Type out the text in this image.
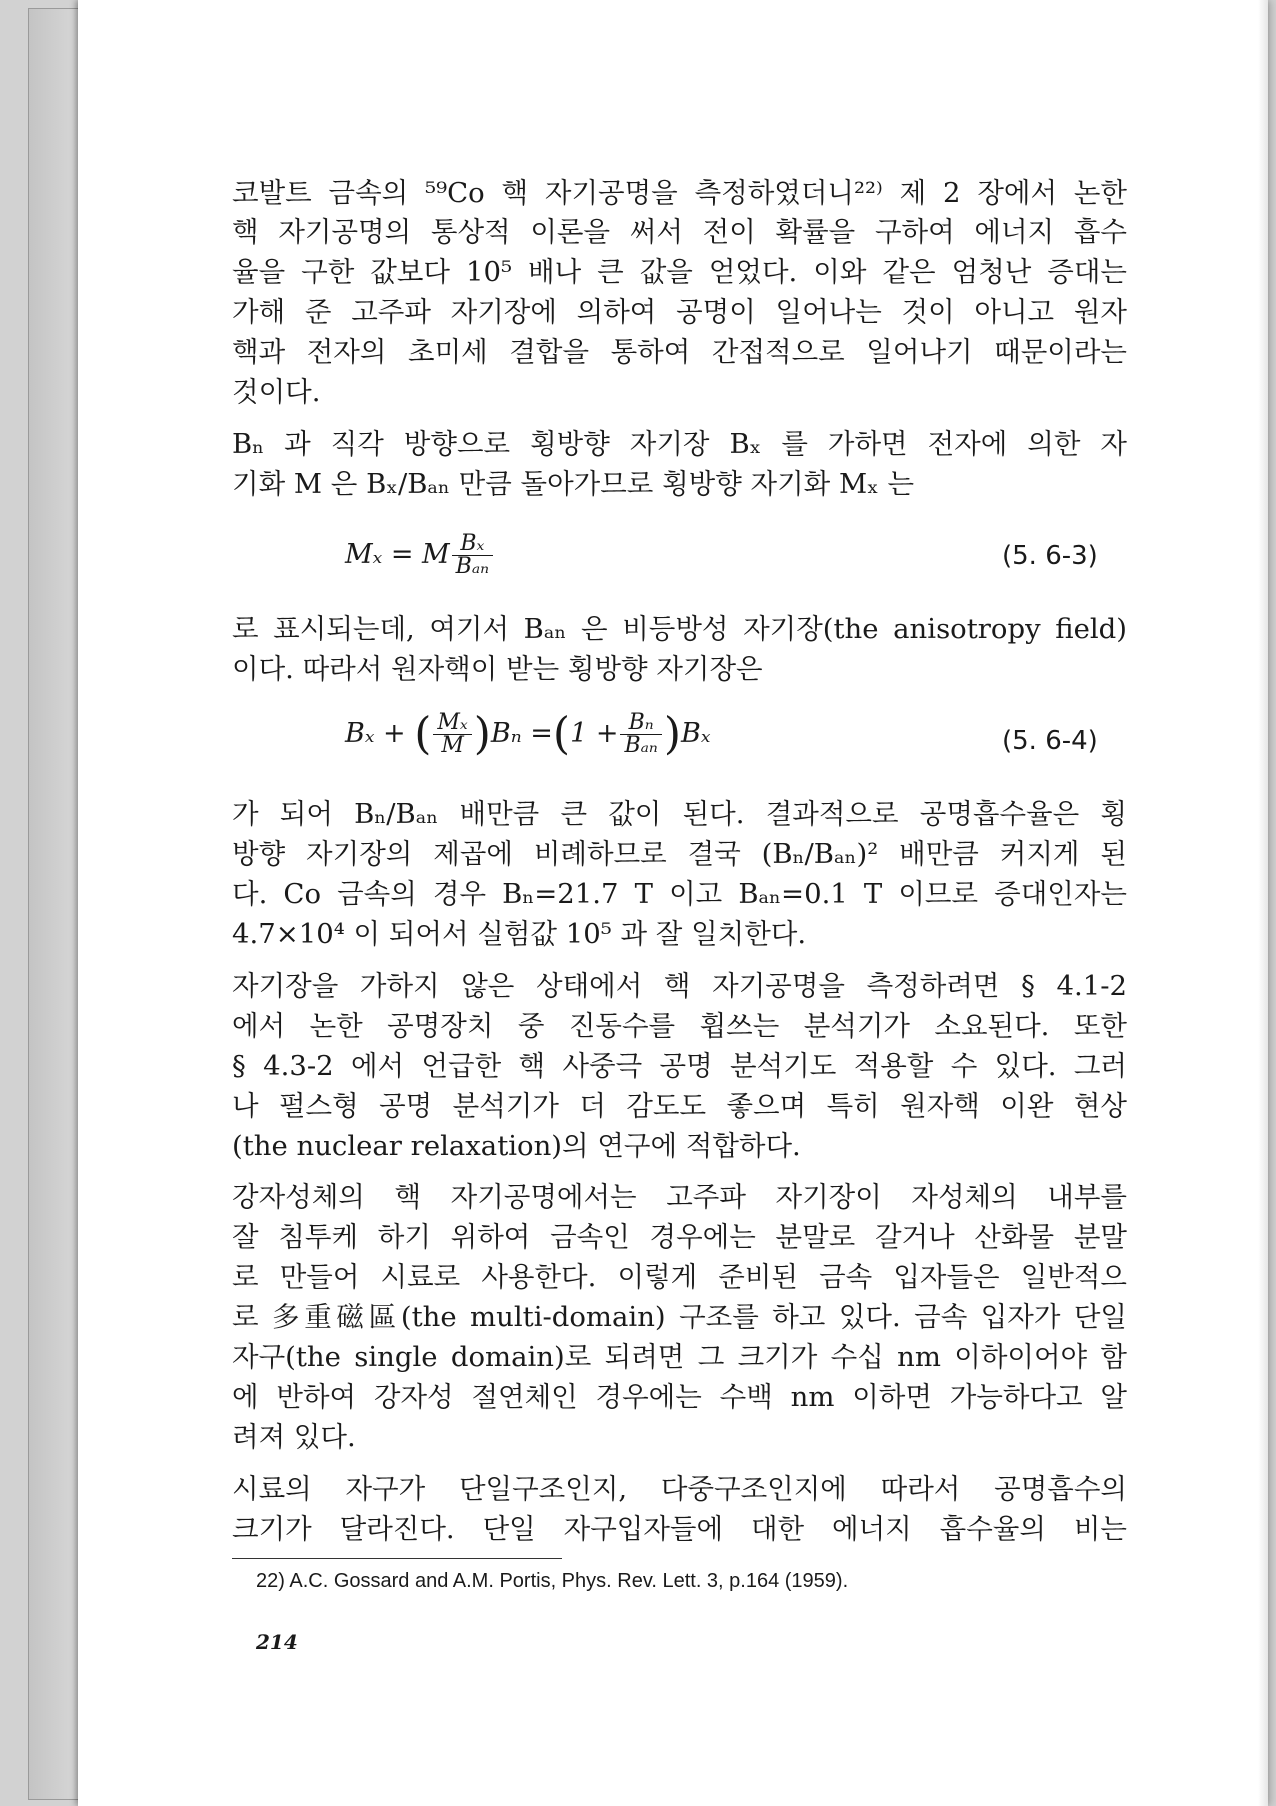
코발트 금속의 ⁵⁹Co 핵 자기공명을 측정하였더니²²⁾ 제 2 장에서 논한
핵 자기공명의 통상적 이론을 써서 전이 확률을 구하여 에너지 흡수
율을 구한 값보다 10⁵ 배나 큰 값을 얻었다. 이와 같은 엄청난 증대는
가해 준 고주파 자기장에 의하여 공명이 일어나는 것이 아니고 원자
핵과 전자의 초미세 결합을 통하여 간접적으로 일어나기 때문이라는
것이다.
Bₙ 과 직각 방향으로 횡방향 자기장 Bₓ 를 가하면 전자에 의한 자
기화 M 은 Bₓ/Bₐₙ 만큼 돌아가므로 횡방향 자기화 Mₓ 는
Mₓ = M $\frac{\text{Bₓ}}{\text{Bₐₙ}}$	(5. 6-3)
로 표시되는데, 여기서 Bₐₙ 은 비등방성 자기장(the anisotropy field)
이다. 따라서 원자핵이 받는 횡방향 자기장은
Bₓ + ( $\frac{\text{Mₓ}}{M} )B_n =(1 + \frac{\text{Bₙ}}{\text{Bₐₙ}} )B_x$	(5. 6-4)
가 되어 Bₙ/Bₐₙ 배만큼 큰 값이 된다. 결과적으로 공명흡수율은 횡
방향 자기장의 제곱에 비례하므로 결국 (Bₙ/Bₐₙ)² 배만큼 커지게 된
다. Co 금속의 경우 Bₙ=21.7 T 이고 Bₐₙ=0.1 T 이므로 증대인자는
4.7×10⁴ 이 되어서 실험값 10⁵ 과 잘 일치한다.
자기장을 가하지 않은 상태에서 핵 자기공명을 측정하려면 § 4.1-2
에서 논한 공명장치 중 진동수를 휩쓰는 분석기가 소요된다. 또한
§ 4.3-2 에서 언급한 핵 사중극 공명 분석기도 적용할 수 있다. 그러
나 펄스형 공명 분석기가 더 감도도 좋으며 특히 원자핵 이완 현상
(the nuclear relaxation)의 연구에 적합하다.
강자성체의 핵 자기공명에서는 고주파 자기장이 자성체의 내부를
잘 침투케 하기 위하여 금속인 경우에는 분말로 갈거나 산화물 분말
로 만들어 시료로 사용한다. 이렇게 준비된 금속 입자들은 일반적으
로 多重磁區(the multi-domain) 구조를 하고 있다. 금속 입자가 단일
자구(the single domain)로 되려면 그 크기가 수십 nm 이하이어야 함
에 반하여 강자성 절연체인 경우에는 수백 nm 이하면 가능하다고 알
려져 있다.
시료의 자구가 단일구조인지, 다중구조인지에 따라서 공명흡수의
크기가 달라진다. 단일 자구입자들에 대한 에너지 흡수율의 비는
22) A.C. Gossard and A.M. Portis, Phys. Rev. Lett. 3, p.164 (1959).
214
